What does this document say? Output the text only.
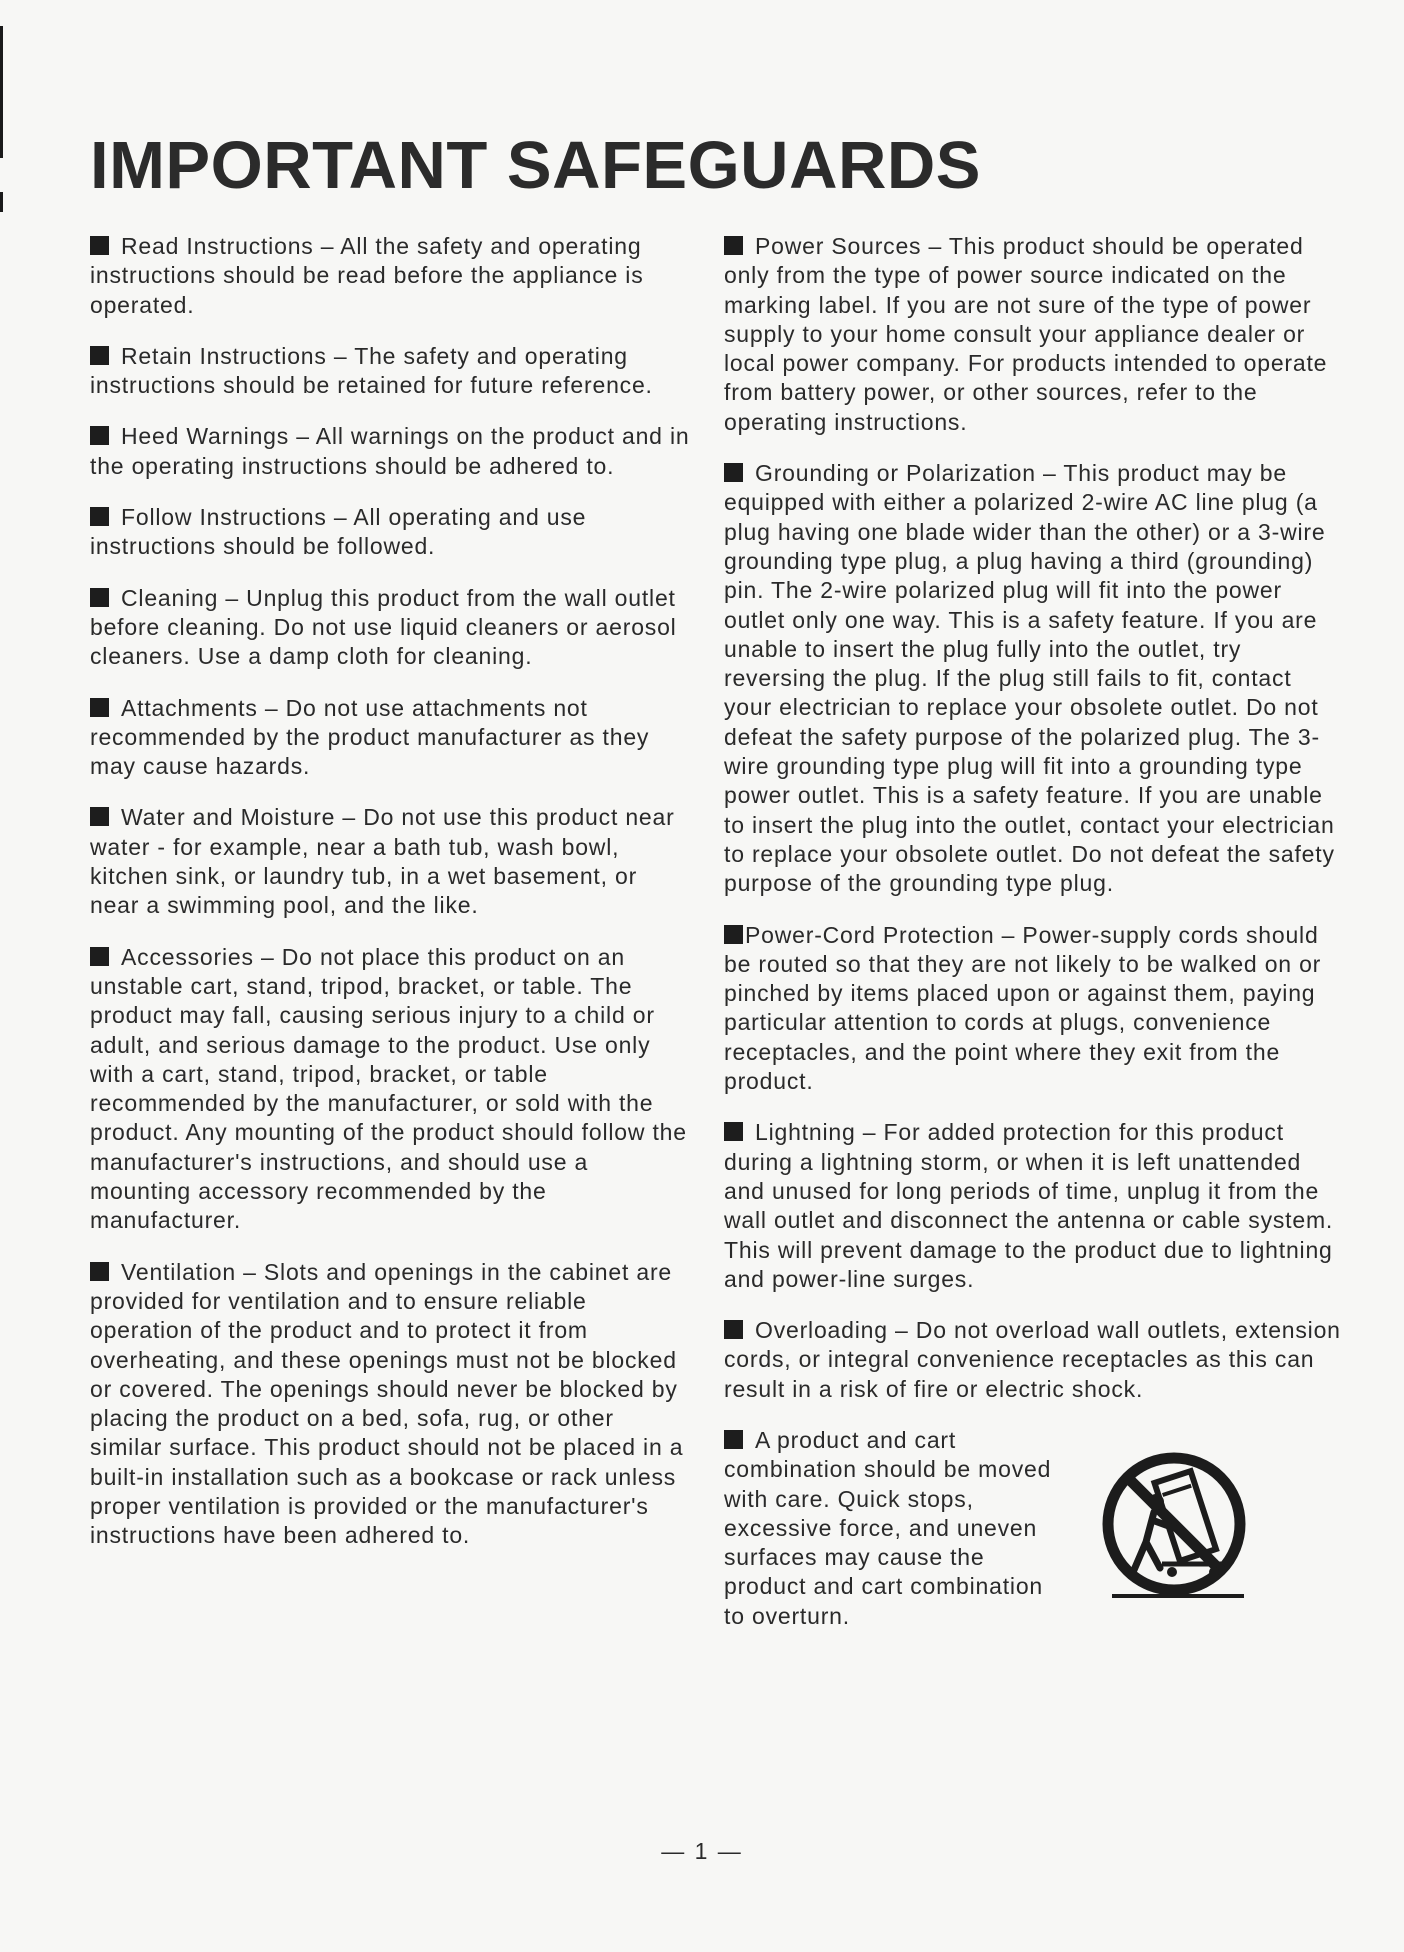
IMPORTANT SAFEGUARDS

Read Instructions – All the safety and operating instructions should be read before the appliance is operated.

Retain Instructions – The safety and operating instructions should be retained for future reference.

Heed Warnings – All warnings on the product and in the operating instructions should be adhered to.

Follow Instructions – All operating and use instructions should be followed.

Cleaning – Unplug this product from the wall outlet before cleaning. Do not use liquid cleaners or aerosol cleaners. Use a damp cloth for cleaning.

Attachments – Do not use attachments not recommended by the product manufacturer as they may cause hazards.

Water and Moisture – Do not use this product near water - for example, near a bath tub, wash bowl, kitchen sink, or laundry tub, in a wet basement, or near a swimming pool, and the like.

Accessories – Do not place this product on an unstable cart, stand, tripod, bracket, or table. The product may fall, causing serious injury to a child or adult, and serious damage to the product. Use only with a cart, stand, tripod, bracket, or table recommended by the manufacturer, or sold with the product. Any mounting of the product should follow the manufacturer's instructions, and should use a mounting accessory recommended by the manufacturer.

Ventilation – Slots and openings in the cabinet are provided for ventilation and to ensure reliable operation of the product and to protect it from overheating, and these openings must not be blocked or covered. The openings should never be blocked by placing the product on a bed, sofa, rug, or other similar surface. This product should not be placed in a built-in installation such as a bookcase or rack unless proper ventilation is provided or the manufacturer's instructions have been adhered to.

Power Sources – This product should be operated only from the type of power source indicated on the marking label. If you are not sure of the type of power supply to your home consult your appliance dealer or local power company. For products intended to operate from battery power, or other sources, refer to the operating instructions.

Grounding or Polarization – This product may be equipped with either a polarized 2-wire AC line plug (a plug having one blade wider than the other) or a 3-wire grounding type plug, a plug having a third (grounding) pin. The 2-wire polarized plug will fit into the power outlet only one way. This is a safety feature. If you are unable to insert the plug fully into the outlet, try reversing the plug. If the plug still fails to fit, contact your electrician to replace your obsolete outlet. Do not defeat the safety purpose of the polarized plug. The 3-wire grounding type plug will fit into a grounding type power outlet. This is a safety feature. If you are unable to insert the plug into the outlet, contact your electrician to replace your obsolete outlet. Do not defeat the safety purpose of the grounding type plug.

Power-Cord Protection – Power-supply cords should be routed so that they are not likely to be walked on or pinched by items placed upon or against them, paying particular attention to cords at plugs, convenience receptacles, and the point where they exit from the product.

Lightning – For added protection for this product during a lightning storm, or when it is left unattended and unused for long periods of time, unplug it from the wall outlet and disconnect the antenna or cable system. This will prevent damage to the product due to lightning and power-line surges.

Overloading – Do not overload wall outlets, extension cords, or integral convenience receptacles as this can result in a risk of fire or electric shock.

A product and cart combination should be moved with care. Quick stops, excessive force, and uneven surfaces may cause the product and cart combination to overturn.

— 1 —
